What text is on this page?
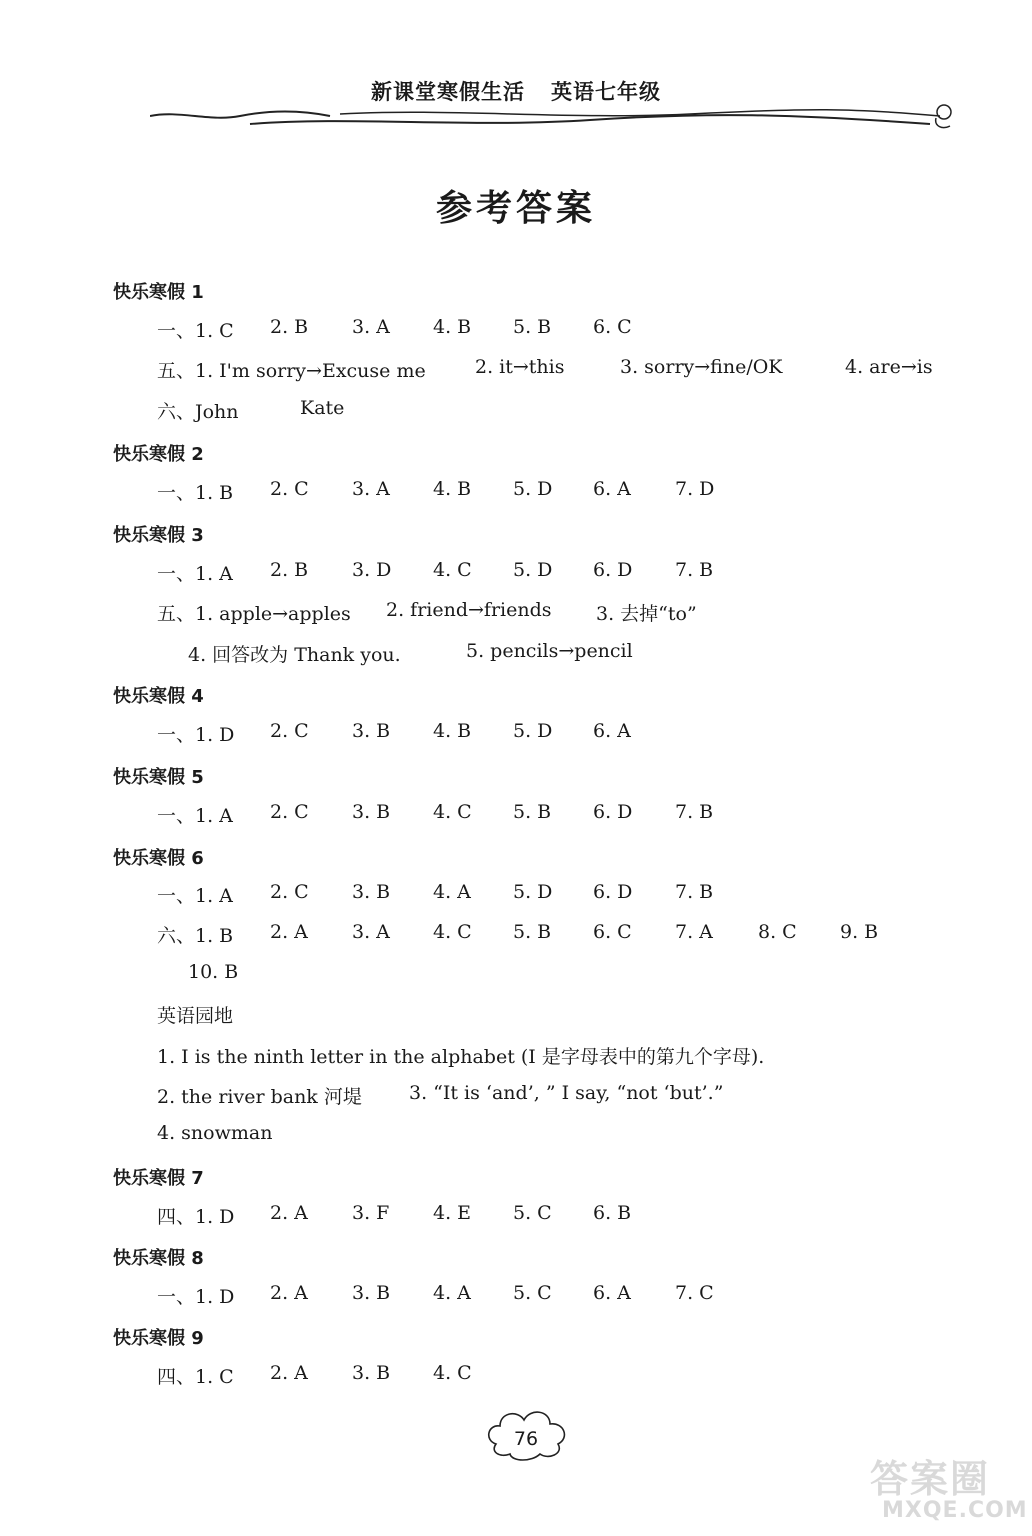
新课堂寒假生活 英语七年级
参考答案
快乐寒假 1
一、1. C 2. B 3. A 4. B 5. B 6. C
五、1. I'm sorry→Excuse me	2. it→this	3. sorry→fine/OK	4. are→is
六、John	Kate
快乐寒假 2
一、1. B 2. C 3. A 4. B 5. D 6. A 7. D
快乐寒假 3
一、1. A 2. B 3. D 4. C 5. D 6. D 7. B
五、1. apple→apples 2. friend→friends 3. 去掉“to”
4. 回答改为 Thank you.	5. pencils→pencil
快乐寒假 4
一、1. D 2. C 3. B 4. B 5. D 6. A
快乐寒假 5
一、1. A 2. C 3. B 4. C 5. B 6. D 7. B
快乐寒假 6
一、1. A 2. C 3. B 4. A 5. D 6. D 7. B
六、1. B 2. A 3. A 4. C 5. B 6. C 7. A 8. C 9. B
10. B
英语园地
1. I is the ninth letter in the alphabet (I 是字母表中的第九个字母).
2. the river bank 河堤 3. “It is ‘and’, ” I say, “not ‘but’.”
4. snowman
快乐寒假 7
四、1. D 2. A 3. F 4. E 5. C 6. B
快乐寒假 8
一、1. D 2. A 3. B 4. A 5. C 6. A 7. C
快乐寒假 9
四、1. C 2. A 3. B 4. C
76
答案圈
MXQE.COM
